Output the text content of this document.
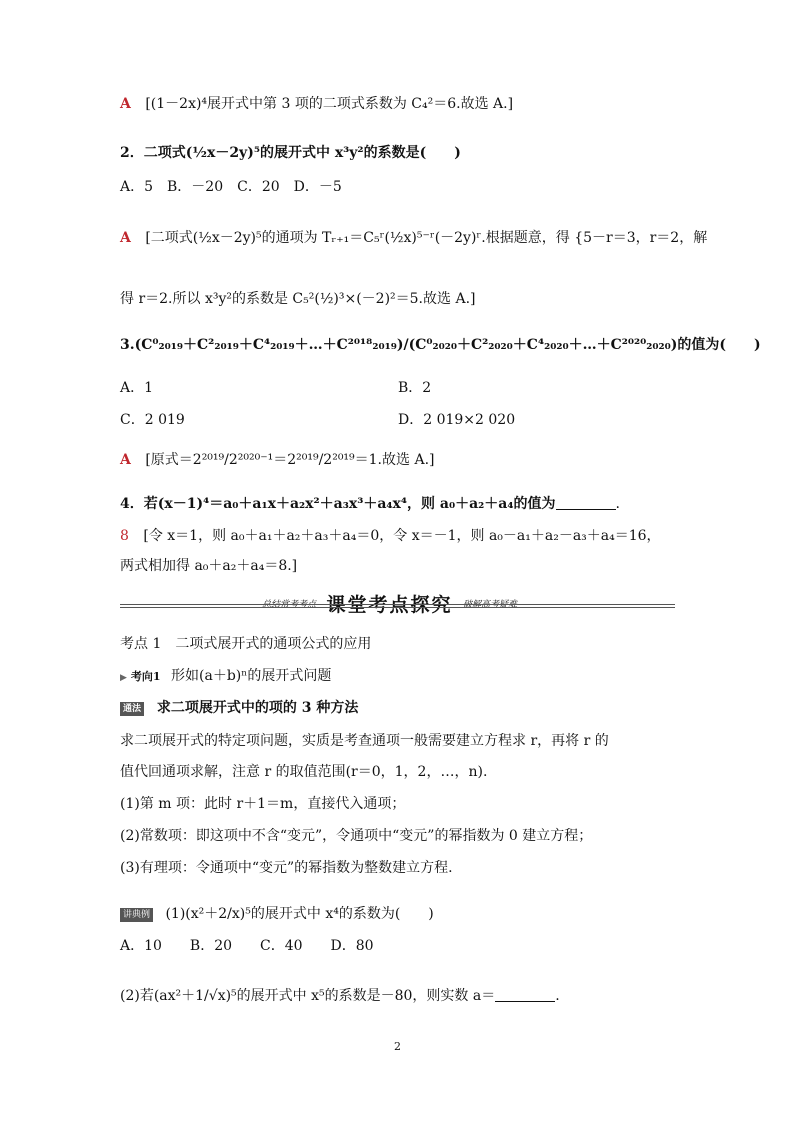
A [(1－2x)⁴展开式中第 3 项的二项式系数为 C₄²＝6.故选 A.]
2．二项式(½x－2y)⁵的展开式中 x³y²的系数是(　　)
A．5　B．－20　C．20　D．－5
A [二项式(½x－2y)⁵的通项为 Tᵣ₊₁＝C₅ʳ(½x)⁵⁻ʳ(－2y)ʳ.根据题意，得 {5－r＝3，r＝2，解
得 r＝2.所以 x³y²的系数是 C₅²(½)³×(－2)²＝5.故选 A.]
3.(C⁰₂₀₁₉＋C²₂₀₁₉＋C⁴₂₀₁₉＋…＋C²⁰¹⁸₂₀₁₉)/(C⁰₂₀₂₀＋C²₂₀₂₀＋C⁴₂₀₂₀＋…＋C²⁰²⁰₂₀₂₀)的值为(　　)
A．1	B．2
C．2 019	D．2 019×2 020
A [原式＝2²⁰¹⁹/2²⁰²⁰⁻¹＝2²⁰¹⁹/2²⁰¹⁹＝1.故选 A.]
4．若(x－1)⁴＝a₀＋a₁x＋a₂x²＋a₃x³＋a₄x⁴，则 a₀＋a₂＋a₄的值为	.
8 [令 x＝1，则 a₀＋a₁＋a₂＋a₃＋a₄＝0，令 x＝－1，则 a₀－a₁＋a₂－a₃＋a₄＝16，
两式相加得 a₀＋a₂＋a₄＝8.]
总结常考考点 课堂考点探究 破解高考疑难
考点 1　二项式展开式的通项公式的应用
▶ 考向1 形如(a＋b)ⁿ的展开式问题
通法 求二项展开式中的项的 3 种方法
求二项展开式的特定项问题，实质是考查通项一般需要建立方程求 r，再将 r 的
值代回通项求解，注意 r 的取值范围(r＝0，1，2，…，n).
(1)第 m 项：此时 r＋1＝m，直接代入通项；
(2)常数项：即这项中不含“变元”，令通项中“变元”的幂指数为 0 建立方程；
(3)有理项：令通项中“变元”的幂指数为整数建立方程.
讲典例 (1)(x²＋2/x)⁵的展开式中 x⁴的系数为(　　)
A．10　　B．20　　C．40　　D．80
(2)若(ax²＋1/√x)⁵的展开式中 x⁵的系数是－80，则实数 a＝	.
2
